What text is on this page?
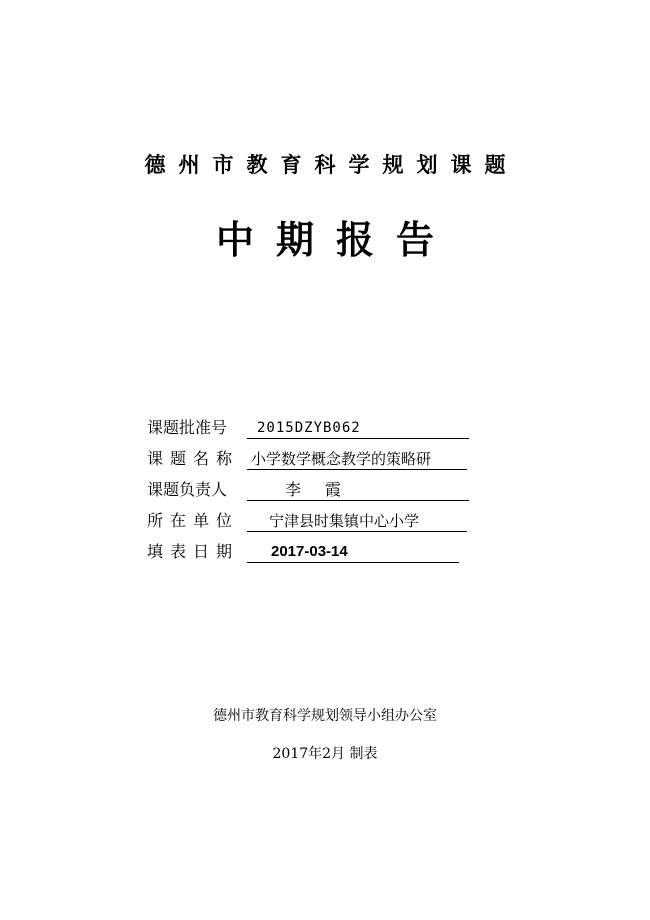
德州市教育科学规划课题
中期报告
课题批准号	2015DZYB062
课题名称 小学数学概念教学的策略研
课题负责人	李霞
所在单位	宁津县时集镇中心小学
填表日期	2017-03-14
德州市教育科学规划领导小组办公室
2017年2月 制表
